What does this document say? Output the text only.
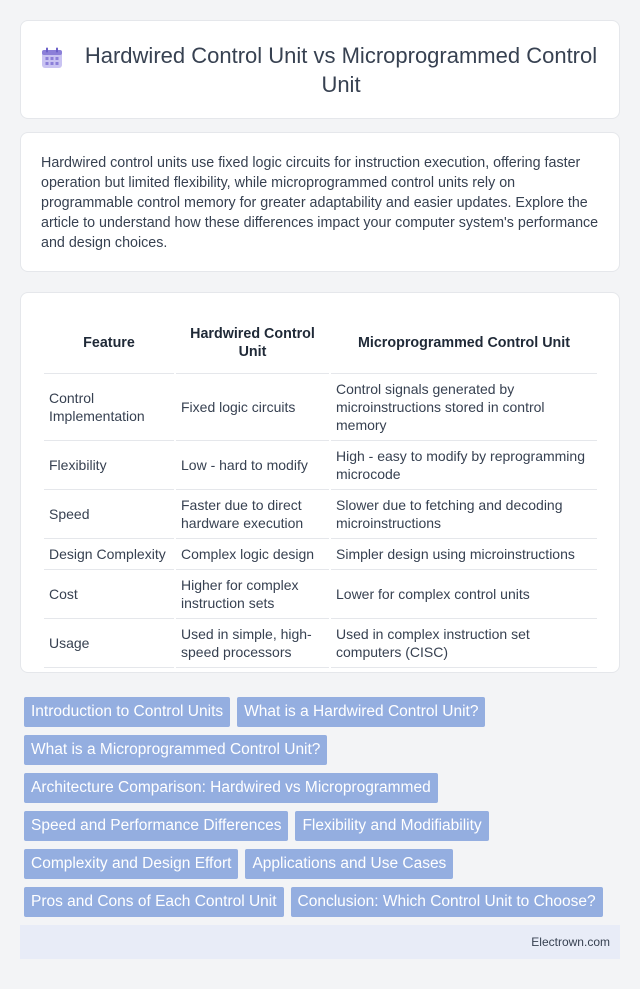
Hardwired Control Unit vs Microprogrammed Control Unit

Hardwired control units use fixed logic circuits for instruction execution, offering faster operation but limited flexibility, while microprogrammed control units rely on programmable control memory for greater adaptability and easier updates. Explore the article to understand how these differences impact your computer system's performance and design choices.

Feature	Hardwired Control Unit	Microprogrammed Control Unit
Control Implementation	Fixed logic circuits	Control signals generated by microinstructions stored in control memory
Flexibility	Low - hard to modify	High - easy to modify by reprogramming microcode
Speed	Faster due to direct hardware execution	Slower due to fetching and decoding microinstructions
Design Complexity	Complex logic design	Simpler design using microinstructions
Cost	Higher for complex instruction sets	Lower for complex control units
Usage	Used in simple, high-speed processors	Used in complex instruction set computers (CISC)
Introduction to Control Units	What is a Hardwired Control Unit?
What is a Microprogrammed Control Unit?
Architecture Comparison: Hardwired vs Microprogrammed
Speed and Performance Differences	Flexibility and Modifiability
Complexity and Design Effort	Applications and Use Cases
Pros and Cons of Each Control Unit	Conclusion: Which Control Unit to Choose?
Electrown.com
